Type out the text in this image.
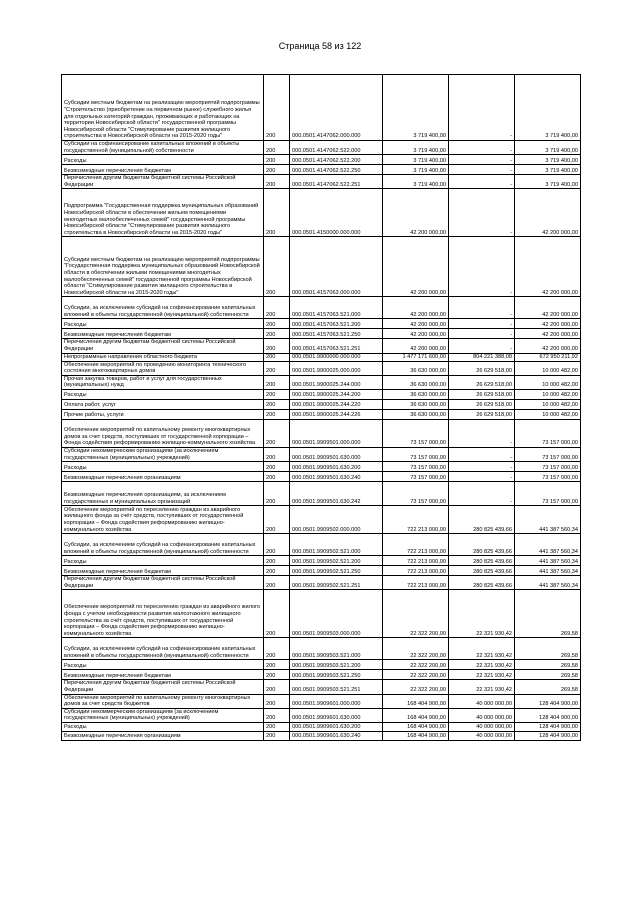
Страница 58 из 122
Субсидии местным бюджетам на реализацию мероприятий подпрограммы "Строительство (приобретение на первичном рынке) служебного жилья для отдельных категорий граждан, проживающих и работающих на территории Новосибирской области" государственной программы Новосибирской области "Стимулирование развития жилищного строительства в Новосибирской области на 2015-2020 годы"	200	000.0501.4147062.000.000	3 719 400,00	-	3 719 400,00
Субсидии на софинансирование капитальных вложений в объекты государственной (муниципальной) собственности	200	000.0501.4147062.522.000	3 719 400,00	-	3 719 400,00
Расходы	200	000.0501.4147062.522.200	3 719 400,00	-	3 719 400,00
Безвозмездные перечисления бюджетам	200	000.0501.4147062.522.250	3 719 400,00	-	3 719 400,00
Перечисления другим бюджетам бюджетной системы Российской Федерации	200	000.0501.4147062.522.251	3 719 400,00	-	3 719 400,00
Подпрограмма "Государственная поддержка муниципальных образований Новосибирской области в обеспечении жильем помещениями многодетных малообеспеченных семей" государственной программы Новосибирской области "Стимулирование развития жилищного строительства в Новосибирской области на 2015-2020 годы"	200	000.0501.4150000.000.000	42 200 000,00	-	42 200 000,00
Субсидии местным бюджетам на реализацию мероприятий подпрограммы "Государственная поддержка муниципальных образований Новосибирской области в обеспечении жилыми помещениями многодетных малообеспеченных семей" государственной программы Новосибирской области "Стимулирование развития жилищного строительства в Новосибирской области на 2015-2020 годы"	200	000.0501.4157063.000.000	42 200 000,00	-	42 200 000,00
Субсидии, за исключением субсидий на софинансирование капитальных вложений в объекты государственной (муниципальной) собственности	200	000.0501.4157063.521.000	42 200 000,00	-	42 200 000,00
Расходы	200	000.0501.4157063.521.200	42 200 000,00	-	42 200 000,00
Безвозмездные перечисления бюджетам	200	000.0501.4157063.521.250	42 200 000,00	-	42 200 000,00
Перечисления другим бюджетам бюджетной системы Российской Федерации	200	000.0501.4157063.521.251	42 200 000,00	-	42 200 000,00
Непрограммные направления областного бюджета	200	000.0501.9900000.000.000	1 477 171 600,00	804 221 388,08	672 950 211,92
Обеспечение мероприятий по проведению мониторинга технического состояния многоквартирных домов	200	000.0501.9900025.000.000	36 630 000,00	26 629 518,00	10 000 482,00
Прочая закупка товаров, работ и услуг для государственных (муниципальных) нужд	200	000.0501.9900025.244.000	36 630 000,00	26 629 518,00	10 000 482,00
Расходы	200	000.0501.9900025.244.200	36 630 000,00	26 629 518,00	10 000 482,00
Оплата работ, услуг	200	000.0501.9900025.244.220	36 630 000,00	26 629 518,00	10 000 482,00
Прочие работы, услуги	200	000.0501.9900025.244.226	36 630 000,00	26 629 518,00	10 000 482,00
Обеспечение мероприятий по капитальному ремонту многоквартирных домов за счет средств, поступивших от государственной корпорации – Фонда содействия реформированию жилищно-коммунального хозяйства	200	000.0501.9909501.000.000	73 157 000,00	-	73 157 000,00
Субсидии некоммерческим организациям (за исключением государственных (муниципальных) учреждений)	200	000.0501.9909501.630.000	73 157 000,00	-	73 157 000,00
Расходы	200	000.0501.9909501.630.200	73 157 000,00	-	73 157 000,00
Безвозмездные перечисления организациям	200	000.0501.9909501.630.240	73 157 000,00	-	73 157 000,00
Безвозмездные перечисления организациям, за исключением государственных и муниципальных организаций	200	000.0501.9909501.630.242	73 157 000,00	-	73 157 000,00
Обеспечение мероприятий по переселению граждан из аварийного жилищного фонда за счёт средств, поступивших от государственной корпорации – Фонда содействия реформированию жилищно-коммунального хозяйства	200	000.0501.9909502.000.000	722 213 000,00	280 825 439,66	441 387 560,34
Субсидии, за исключением субсидий на софинансирование капитальных вложений в объекты государственной (муниципальной) собственности	200	000.0501.9909502.521.000	722 213 000,00	280 825 439,66	441 387 560,34
Расходы	200	000.0501.9909502.521.200	722 213 000,00	280 825 439,66	441 387 560,34
Безвозмездные перечисления бюджетам	200	000.0501.9909502.521.250	722 213 000,00	280 825 439,66	441 387 560,34
Перечисления другим бюджетам бюджетной системы Российской Федерации	200	000.0501.9909502.521.251	722 213 000,00	280 825 439,66	441 387 560,34
Обеспечение мероприятий по переселению граждан из аварийного жилого фонда с учетом необходимости развития малоэтажного жилищного строительства за счёт средств, поступивших от государственной корпорации – Фонда содействия реформированию жилищно-коммунального хозяйства	200	000.0501.9909503.000.000	22 322 200,00	22 321 930,42	269,58
Субсидии, за исключением субсидий на софинансирование капитальных вложений в объекты государственной (муниципальной) собственности	200	000.0501.9909503.521.000	22 322 200,00	22 321 930,42	269,58
Расходы	200	000.0501.9909503.521.200	22 322 200,00	22 321 930,42	269,58
Безвозмездные перечисления бюджетам	200	000.0501.9909503.521.250	22 322 200,00	22 321 930,42	269,58
Перечисления другим бюджетам бюджетной системы Российской Федерации	200	000.0501.9909503.521.251	22 322 200,00	22 321 930,42	269,58
Обеспечение мероприятий по капитальному ремонту многоквартирных домов за счет средств бюджетов	200	000.0501.9909601.000.000	168 404 900,00	40 000 000,00	128 404 900,00
Субсидии некоммерческим организациям (за исключением государственных (муниципальных) учреждений)	200	000.0501.9909601.630.000	168 404 900,00	40 000 000,00	128 404 900,00
Расходы	200	000.0501.9909601.630.200	168 404 900,00	40 000 000,00	128 404 900,00
Безвозмездные перечисления организациям	200	000.0501.9909601.630.240	168 404 900,00	40 000 000,00	128 404 900,00
